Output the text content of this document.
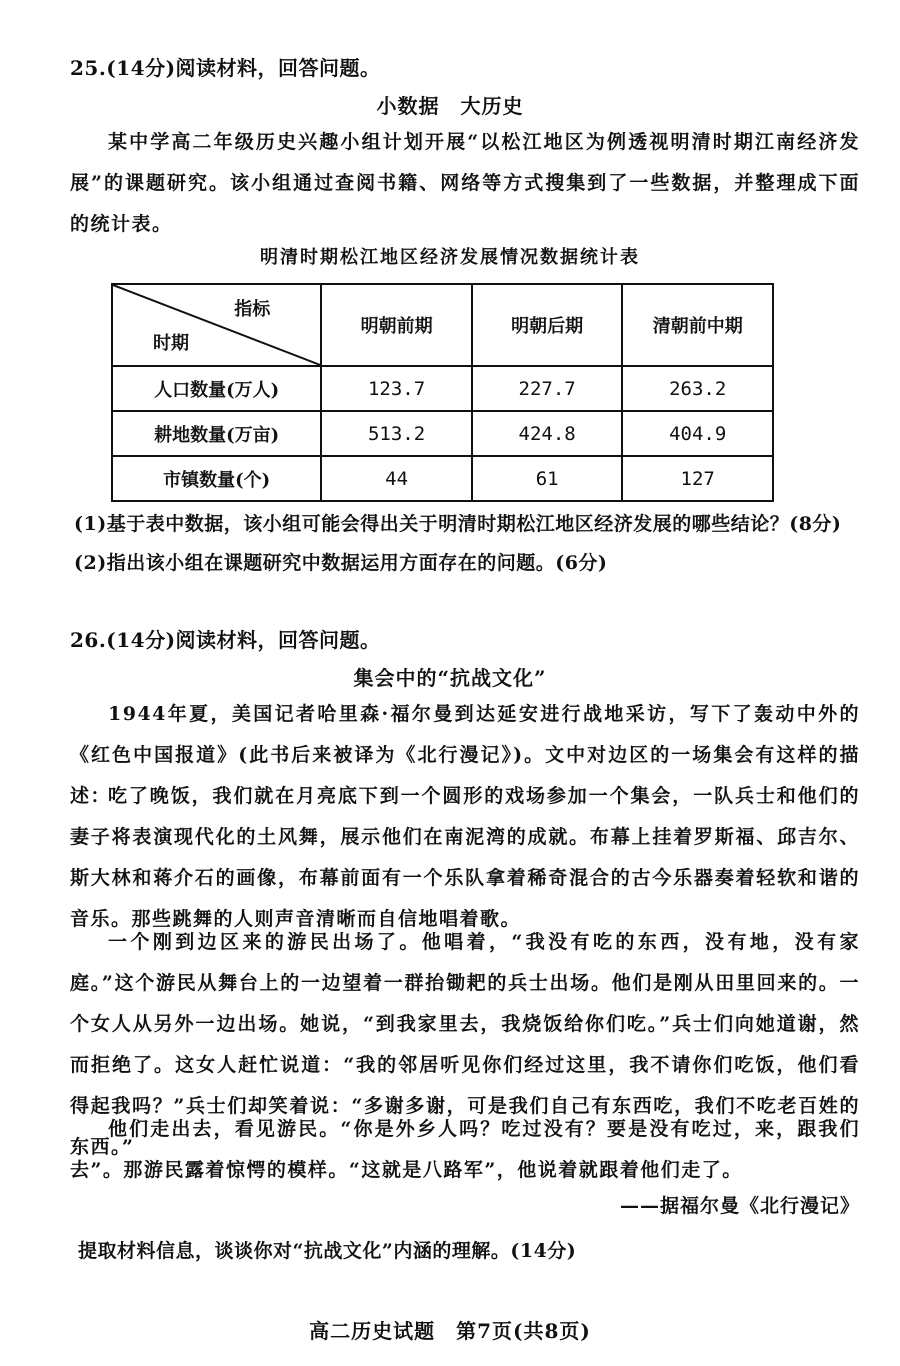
25.(14分)阅读材料，回答问题。
小数据　大历史
某中学高二年级历史兴趣小组计划开展“以松江地区为例透视明清时期江南经济发展”的课题研究。该小组通过查阅书籍、网络等方式搜集到了一些数据，并整理成下面的统计表。
明清时期松江地区经济发展情况数据统计表
指标
时期	明朝前期	明朝后期	清朝前中期
人口数量(万人)	123.7	227.7	263.2
耕地数量(万亩)	513.2	424.8	404.9
市镇数量(个)	44	61	127
(1)基于表中数据，该小组可能会得出关于明清时期松江地区经济发展的哪些结论？(8分)
(2)指出该小组在课题研究中数据运用方面存在的问题。(6分)
26.(14分)阅读材料，回答问题。
集会中的“抗战文化”
1944年夏，美国记者哈里森·福尔曼到达延安进行战地采访，写下了轰动中外的《红色中国报道》(此书后来被译为《北行漫记》)。文中对边区的一场集会有这样的描述：
吃了晚饭，我们就在月亮底下到一个圆形的戏场参加一个集会，一队兵士和他们的妻子将表演现代化的土风舞，展示他们在南泥湾的成就。布幕上挂着罗斯福、邱吉尔、斯大林和蒋介石的画像，布幕前面有一个乐队拿着稀奇混合的古今乐器奏着轻软和谐的音乐。那些跳舞的人则声音清晰而自信地唱着歌。
一个刚到边区来的游民出场了。他唱着，“我没有吃的东西，没有地，没有家庭。”这个游民从舞台上的一边望着一群抬锄耙的兵士出场。他们是刚从田里回来的。一个女人从另外一边出场。她说，“到我家里去，我烧饭给你们吃。”兵士们向她道谢，然而拒绝了。这女人赶忙说道：“我的邻居听见你们经过这里，我不请你们吃饭，他们看得起我吗？”兵士们却笑着说：“多谢多谢，可是我们自己有东西吃，我们不吃老百姓的东西。”
他们走出去，看见游民。“你是外乡人吗？吃过没有？要是没有吃过，来，跟我们去”。那游民露着惊愕的模样。“这就是八路军”，他说着就跟着他们走了。
——据福尔曼《北行漫记》
提取材料信息，谈谈你对“抗战文化”内涵的理解。(14分)
高二历史试题　第7页(共8页)
